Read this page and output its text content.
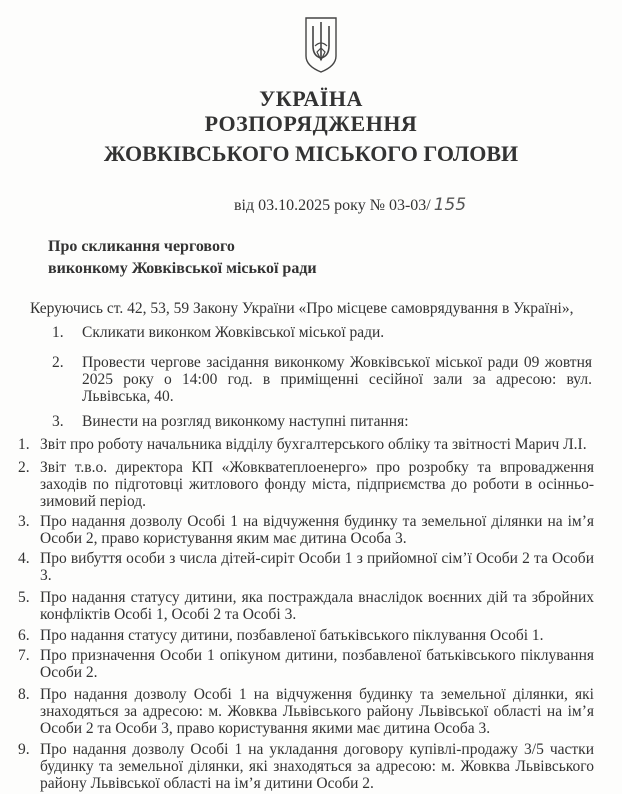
УКРАЇНА
РОЗПОРЯДЖЕННЯ
ЖОВКІВСЬКОГО МІСЬКОГО ГОЛОВИ
від 03.10.2025 року № 03-03/ 155
Про скликання чергового
виконкому Жовківської міської ради
Керуючись ст. 42, 53, 59 Закону України «Про місцеве самоврядування в Україні»,
1. Скликати виконком Жовківської міської ради.
2. Провести чергове засідання виконкому Жовківської міської ради 09 жовтня 2025 року о 14:00 год. в приміщенні сесійної зали за адресою: вул. Львівська, 40.
3. Винести на розгляд виконкому наступні питання:
1. Звіт про роботу начальника відділу бухгалтерського обліку та звітності Марич Л.І.
2. Звіт т.в.о. директора КП «Жовкватеплоенерго» про розробку та впровадження заходів по підготовці житлового фонду міста, підприємства до роботи в осінньо-зимовий період.
3. Про надання дозволу Особі 1 на відчуження будинку та земельної ділянки на ім’я Особи 2, право користування яким має дитина Особа 3.
4. Про вибуття особи з числа дітей-сиріт Особи 1 з прийомної сім’ї Особи 2 та Особи 3.
5. Про надання статусу дитини, яка постраждала внаслідок воєнних дій та збройних конфліктів Особі 1, Особі 2 та Особі 3.
6. Про надання статусу дитини, позбавленої батьківського піклування Особі 1.
7. Про призначення Особи 1 опікуном дитини, позбавленої батьківського піклування Особи 2.
8. Про надання дозволу Особі 1 на відчуження будинку та земельної ділянки, які знаходяться за адресою: м. Жовква Львівського району Львівської області на ім’я Особи 2 та Особи 3, право користування якими має дитина Особа 3.
9. Про надання дозволу Особі 1 на укладання договору купівлі-продажу 3/5 частки будинку та земельної ділянки, які знаходяться за адресою: м. Жовква Львівського району Львівської області на ім’я дитини Особи 2.
